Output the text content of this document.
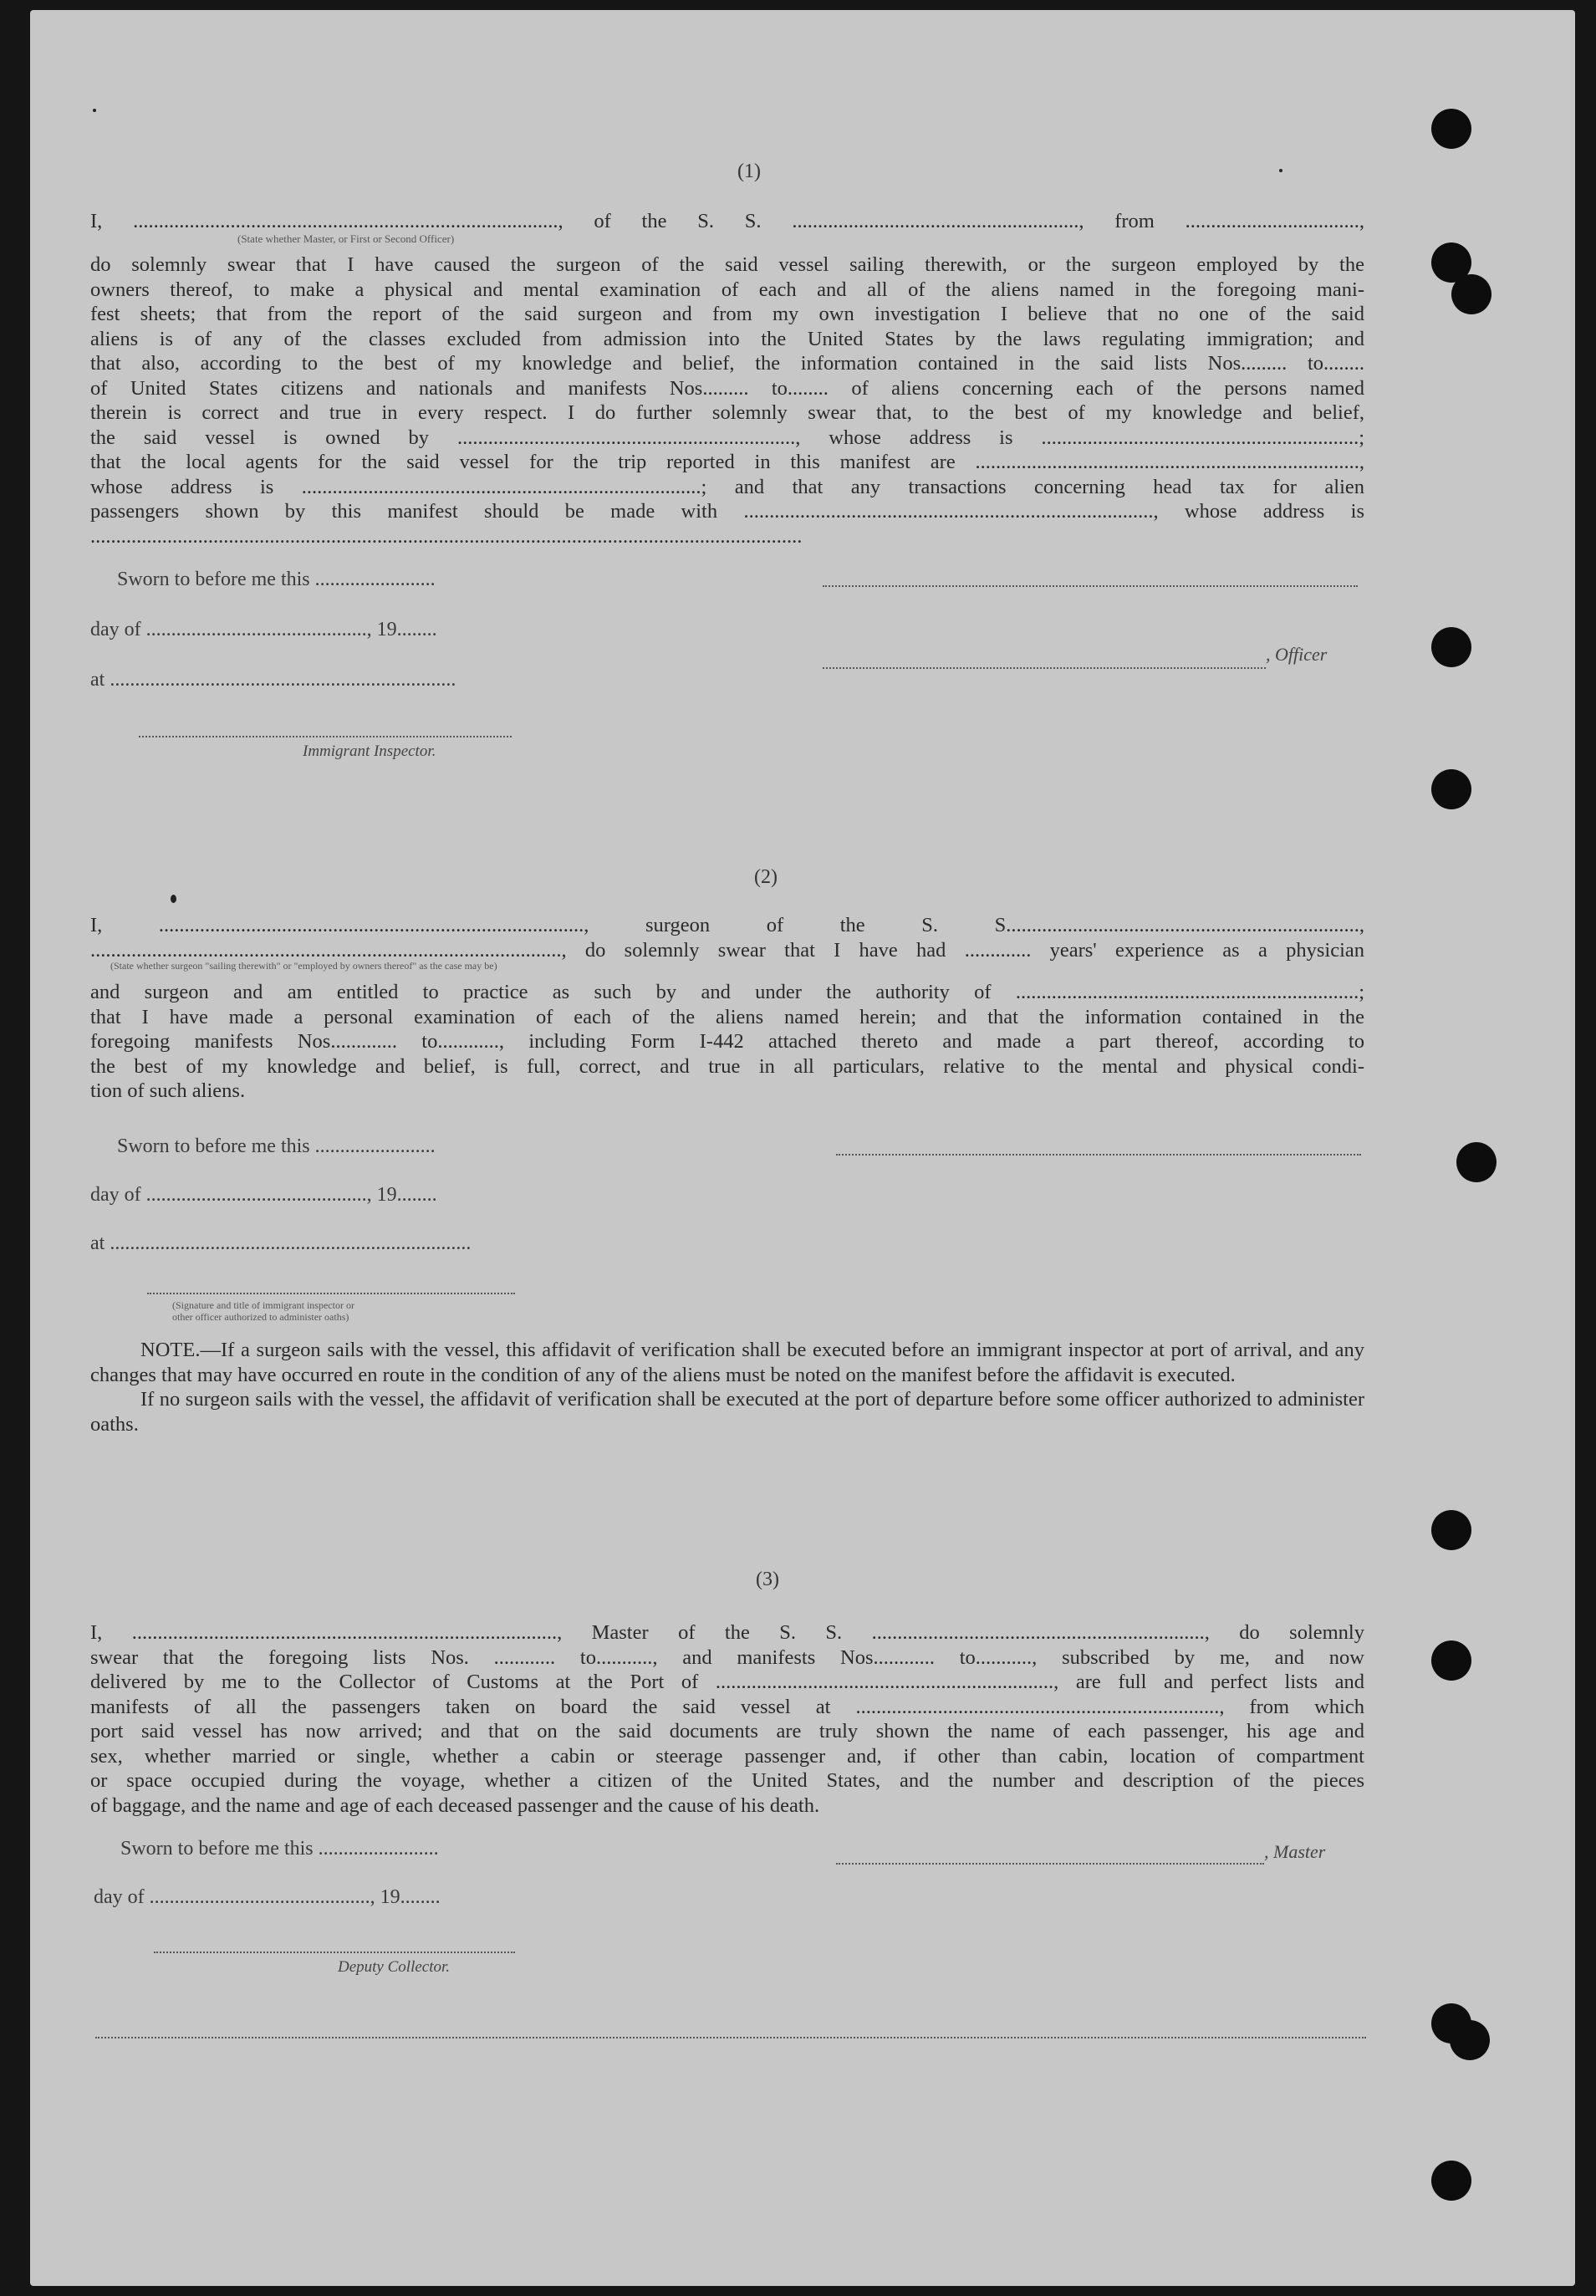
(1)
I, ..................................................................................., of the S. S. ........................................................, from ..................................,
(State whether Master, or First or Second Officer)
do solemnly swear that I have caused the surgeon of the said vessel sailing therewith, or the surgeon employed by the
owners thereof, to make a physical and mental examination of each and all of the aliens named in the foregoing mani-
fest sheets; that from the report of the said surgeon and from my own investigation I believe that no one of the said
aliens is of any of the classes excluded from admission into the United States by the laws regulating immigration; and
that also, according to the best of my knowledge and belief, the information contained in the said lists Nos......... to........
of United States citizens and nationals and manifests Nos......... to........ of aliens concerning each of the persons named
therein is correct and true in every respect. I do further solemnly swear that, to the best of my knowledge and belief,
the said vessel is owned by .................................................................., whose address is ..............................................................;
that the local agents for the said vessel for the trip reported in this manifest are ...........................................................................,
whose address is ..............................................................................; and that any transactions concerning head tax for alien
passengers shown by this manifest should be made with ................................................................................, whose address is
...........................................................................................................................................
Sworn to before me this ........................
day of ............................................, 19........
, Officer
at .....................................................................
Immigrant Inspector.
(2)
I, ..................................................................................., surgeon of the S. S.....................................................................,
............................................................................................, do solemnly swear that I have had ............. years' experience as a physician
(State whether surgeon "sailing therewith" or "employed by owners thereof" as the case may be)
and surgeon and am entitled to practice as such by and under the authority of ...................................................................;
that I have made a personal examination of each of the aliens named herein; and that the information contained in the
foregoing manifests Nos............. to............, including Form I-442 attached thereto and made a part thereof, according to
the best of my knowledge and belief, is full, correct, and true in all particulars, relative to the mental and physical condi-
tion of such aliens.
Sworn to before me this ........................
day of ............................................, 19........
at ........................................................................
(Signature and title of immigrant inspector or
other officer authorized to administer oaths)
NOTE.—If a surgeon sails with the vessel, this affidavit of verification shall be executed before an immigrant inspector at port of arrival, and any changes that may have occurred en route in the condition of any of the aliens must be noted on the manifest before the affidavit is executed.
If no surgeon sails with the vessel, the affidavit of verification shall be executed at the port of departure before some officer authorized to administer oaths.
(3)
I, ..................................................................................., Master of the S. S. ................................................................., do solemnly
swear that the foregoing lists Nos. ............ to..........., and manifests Nos............ to..........., subscribed by me, and now
delivered by me to the Collector of Customs at the Port of .................................................................., are full and perfect lists and
manifests of all the passengers taken on board the said vessel at ......................................................................., from which
port said vessel has now arrived; and that on the said documents are truly shown the name of each passenger, his age and
sex, whether married or single, whether a cabin or steerage passenger and, if other than cabin, location of compartment
or space occupied during the voyage, whether a citizen of the United States, and the number and description of the pieces
of baggage, and the name and age of each deceased passenger and the cause of his death.
Sworn to before me this ........................	, Master
day of ............................................, 19........
Deputy Collector.
